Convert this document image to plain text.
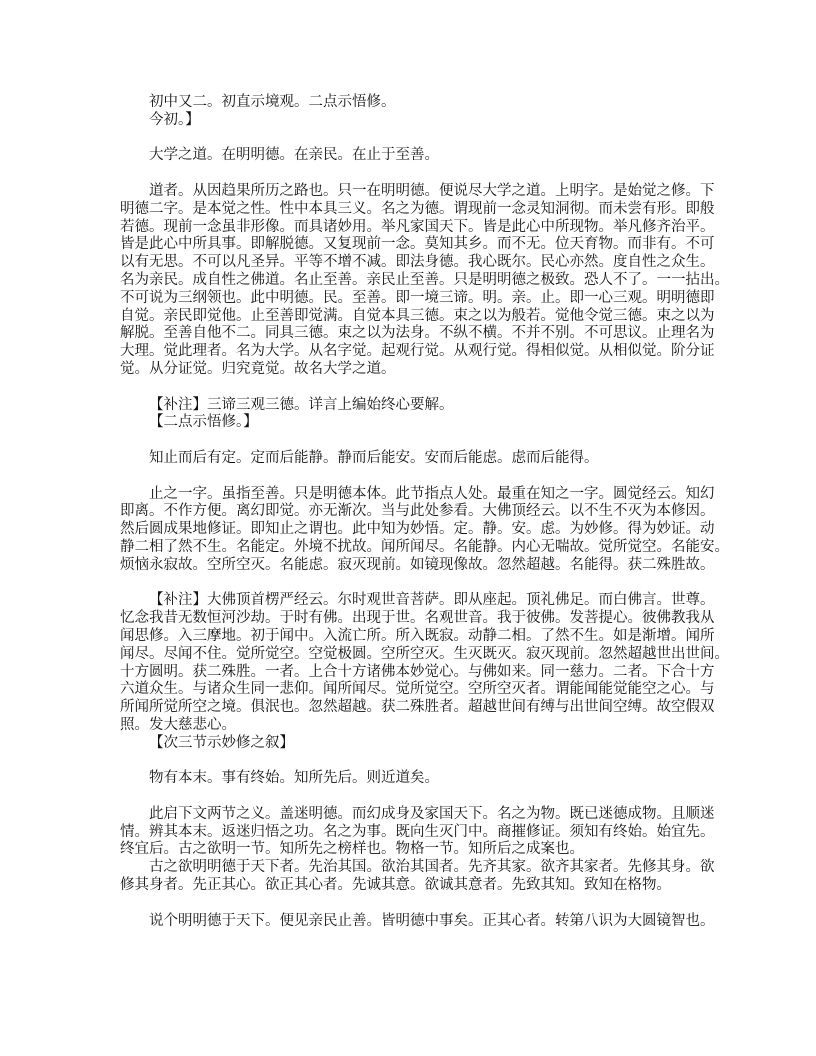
初中又二。初直示境观。二点示悟修。
今初。】
大学之道。在明明德。在亲民。在止于至善。
道者。从因趋果所历之路也。只一在明明德。便说尽大学之道。上明字。是始觉之修。下
明德二字。是本觉之性。性中本具三义。名之为德。谓现前一念灵知洞彻。而未尝有形。即般
若德。现前一念虽非形像。而具诸妙用。举凡家国天下。皆是此心中所现物。举凡修齐治平。
皆是此心中所具事。即解脱德。又复现前一念。莫知其乡。而不无。位天育物。而非有。不可
以有无思。不可以凡圣异。平等不增不减。即法身德。我心既尔。民心亦然。度自性之众生。
名为亲民。成自性之佛道。名止至善。亲民止至善。只是明明德之极致。恐人不了。一一拈出。
不可说为三纲领也。此中明德。民。至善。即一境三谛。明。亲。止。即一心三观。明明德即
自觉。亲民即觉他。止至善即觉满。自觉本具三德。束之以为般若。觉他令觉三德。束之以为
解脱。至善自他不二。同具三德。束之以为法身。不纵不横。不并不别。不可思议。止理名为
大理。觉此理者。名为大学。从名字觉。起观行觉。从观行觉。得相似觉。从相似觉。阶分证
觉。从分证觉。归究竟觉。故名大学之道。
【补注】三谛三观三德。详言上编始终心要解。
【二点示悟修。】
知止而后有定。定而后能静。静而后能安。安而后能虑。虑而后能得。
止之一字。虽指至善。只是明德本体。此节指点人处。最重在知之一字。圆觉经云。知幻
即离。不作方便。离幻即觉。亦无渐次。当与此处参看。大佛顶经云。以不生不灭为本修因。
然后圆成果地修证。即知止之谓也。此中知为妙悟。定。静。安。虑。为妙修。得为妙证。动
静二相了然不生。名能定。外境不扰故。闻所闻尽。名能静。内心无喘故。觉所觉空。名能安。
烦恼永寂故。空所空灭。名能虑。寂灭现前。如镜现像故。忽然超越。名能得。获二殊胜故。
【补注】大佛顶首楞严经云。尔时观世音菩萨。即从座起。顶礼佛足。而白佛言。世尊。
忆念我昔无数恒河沙劫。于时有佛。出现于世。名观世音。我于彼佛。发菩提心。彼佛教我从
闻思修。入三摩地。初于闻中。入流亡所。所入既寂。动静二相。了然不生。如是渐增。闻所
闻尽。尽闻不住。觉所觉空。空觉极圆。空所空灭。生灭既灭。寂灭现前。忽然超越世出世间。
十方圆明。获二殊胜。一者。上合十方诸佛本妙觉心。与佛如来。同一慈力。二者。下合十方
六道众生。与诸众生同一悲仰。闻所闻尽。觉所觉空。空所空灭者。谓能闻能觉能空之心。与
所闻所觉所空之境。俱泯也。忽然超越。获二殊胜者。超越世间有缚与出世间空缚。故空假双
照。发大慈悲心。
【次三节示妙修之叙】
物有本末。事有终始。知所先后。则近道矣。
此启下文两节之义。盖迷明德。而幻成身及家国天下。名之为物。既已迷德成物。且顺迷
情。辨其本末。返迷归悟之功。名之为事。既向生灭门中。商摧修证。须知有终始。始宜先。
终宜后。古之欲明一节。知所先之榜样也。物格一节。知所后之成案也。
古之欲明明德于天下者。先治其国。欲治其国者。先齐其家。欲齐其家者。先修其身。欲
修其身者。先正其心。欲正其心者。先诚其意。欲诚其意者。先致其知。致知在格物。
说个明明德于天下。便见亲民止善。皆明德中事矣。正其心者。转第八识为大圆镜智也。
